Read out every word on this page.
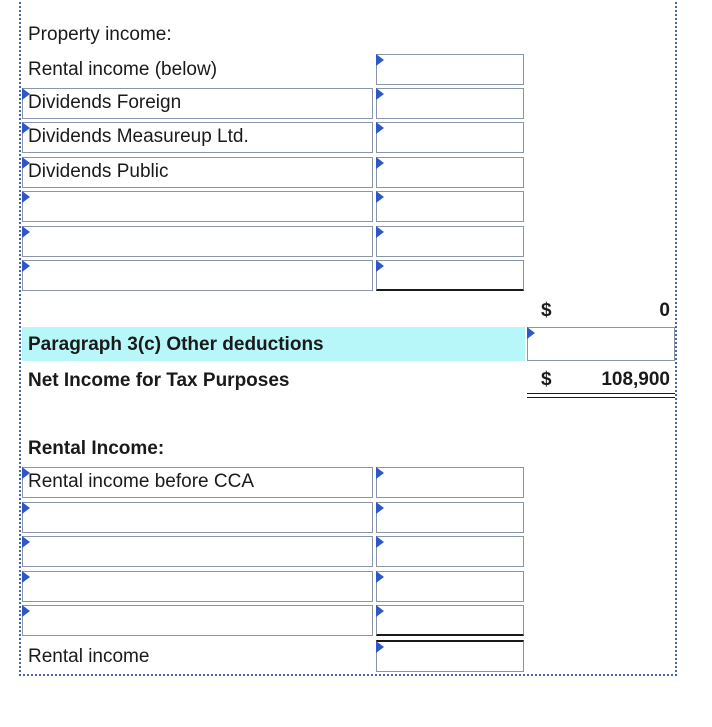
Property income:
Rental income (below)
Dividends Foreign
Dividends Measureup Ltd.
Dividends Public
$	0
Paragraph 3(c) Other deductions
Net Income for Tax Purposes	$	108,900
Rental Income:
Rental income before CCA
Rental income
